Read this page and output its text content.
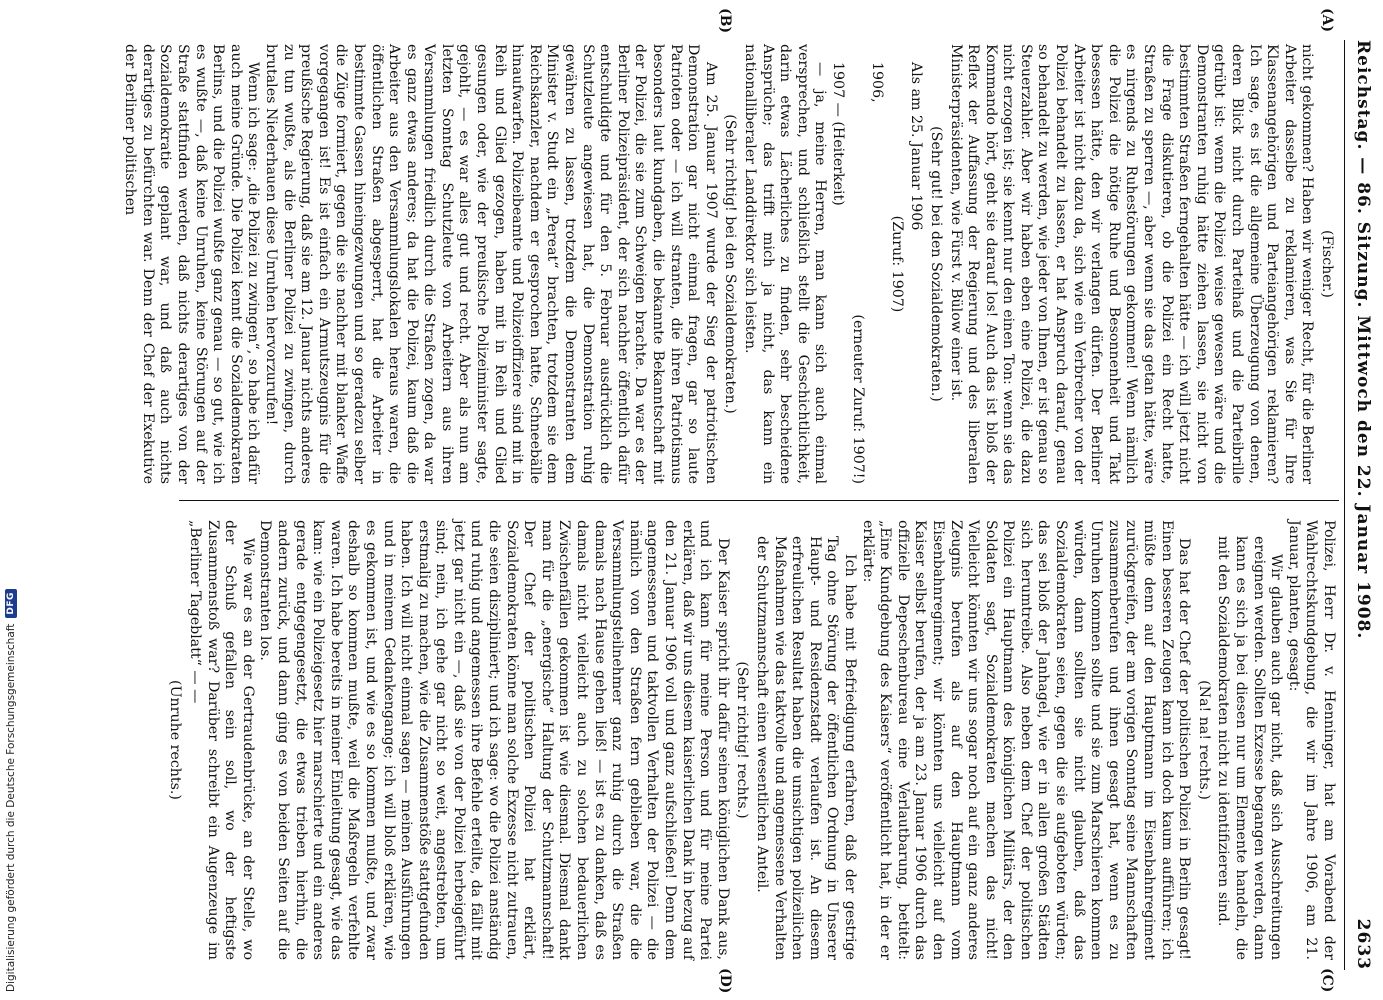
Reichstag. — 86. Sitzung. Mittwoch den 22. Januar 1908.
2633
(A)
(B)
(C)
(D)

(Fischer.)

nicht gekommen? Haben wir weniger Recht, für die Berliner Arbeiter dasselbe zu reklamieren, was Sie für Ihre Klassenangehörigen und Parteiangehörigen reklamieren? Ich sage, es ist die allgemeine Überzeugung von denen, deren Blick nicht durch Parteihaß und die Parteibrille getrübt ist: wenn die Polizei weise gewesen wäre und die Demonstranten ruhig hätte ziehen lassen, sie nicht von bestimmten Straßen ferngehalten hätte — ich will jetzt nicht die Frage diskutieren, ob die Polizei ein Recht hatte, Straßen zu sperren —, aber wenn sie das getan hätte, wäre es nirgends zu Ruhestörungen gekommen! Wenn nämlich die Polizei die nötige Ruhe und Besonnenheit und Takt besessen hätte, den wir verlangen dürfen. Der Berliner Arbeiter ist nicht dazu da, sich wie ein Verbrecher von der Polizei behandelt zu lassen, er hat Anspruch darauf, genau so behandelt zu werden, wie jeder von Ihnen, er ist genau so Steuerzahler. Aber wir haben eben eine Polizei, die dazu nicht erzogen ist; sie kennt nur den einen Ton: wenn sie das Kommando hört, geht sie darauf los! Auch das ist bloß der Reflex der Auffassung der Regierung und des liberalen Ministerpräsidenten, wie Fürst v. Bülow einer ist.

(Sehr gut! bei den Sozialdemokraten.)

Als am 25. Januar 1906

(Zuruf: 1907)

1906,

(erneuter Zuruf: 1907!)

1907 — (Heiterkeit)

— ja, meine Herren, man kann sich auch einmal versprechen, und schließlich stellt die Geschichtlichkeit, darin etwas Lächerliches zu finden, sehr bescheidene Ansprüche; das trifft mich ja nicht, das kann ein nationalliberaler Landdirektor sich leisten.

(Sehr richtig! bei den Sozialdemokraten.)

Am 25. Januar 1907 wurde der Sieg der patriotischen Demonstration gar nicht einmal fragen, gar so laute Patrioten oder — ich will stranten, die ihren Patriotismus besonders laut kundgaben, die bekannte Bekanntschaft mit der Polizei, die sie zum Schweigen brachte. Da war es der Berliner Polizeipräsident, der sich nachher öffentlich dafür entschuldigte und für den 5. Februar ausdrücklich die Schutzleute angewiesen hat, die Demonstration ruhig gewähren zu lassen, trotzdem die Demonstranten dem Minister v. Studt ein „Pereat“ brachten, trotzdem sie dem Reichskanzler, nachdem er gesprochen hatte, Schneebälle hinaufwarfen. Polizeibeamte und Polizeioffiziere sind mit in Reih und Glied gezogen, haben mit in Reih und Glied gesungen oder, wie der preußische Polizeiminister sagte, gejohlt, — es war alles gut und recht. Aber als nun am letzten Sonntag Schutzleute von Arbeitern aus ihren Versammlungen friedlich durch die Straßen zogen, da war es ganz etwas anderes; da hat die Polizei, kaum daß die Arbeiter aus den Versammlungslokalen heraus waren, die öffentlichen Straßen abgesperrt, hat die Arbeiter in bestimmte Gassen hineingezwungen und so geradezu selber die Züge formiert, gegen die sie nachher mit blanker Waffe vorgegangen ist! Es ist einfach ein Armutszeugnis für die preußische Regierung, daß sie am 12. Januar nichts anderes zu tun wußte, als die Berliner Polizei zu zwingen, durch brutales Niederhauen diese Unruhen hervorzurufen!

Wenn ich sage: „die Polizei zu zwingen“, so habe ich dafür auch meine Gründe. Die Polizei kennt die Sozialdemokraten Berlins, und die Polizei wußte ganz genau — so gut, wie ich es wußte —, daß keine Unruhen, keine Störungen auf der Straße stattfinden werden, daß nichts derartiges von der Sozialdemokratie geplant war, und daß auch nichts derartiges zu befürchten war. Denn der Chef der Exekutive der Berliner politischen

Polizei, Herr Dr. v. Henninger, hat am Vorabend der Wahlrechtskundgebung, die wir im Jahre 1906, am 21. Januar, planten, gesagt:

Wir glauben auch gar nicht, daß sich Ausschreitungen ereignen werden. Sollten Exzesse begangen werden, dann kann es sich ja bei diesen nur um Elemente handeln, die mit den Sozialdemokraten nicht zu identifizieren sind.

(Na! na! rechts.)

Das hat der Chef der politischen Polizei in Berlin gesagt! Einen besseren Zeugen kann ich doch kaum aufführen; ich müßte denn auf den Hauptmann im Eisenbahnregiment zurückgreifen, der am vorigen Sonntag seine Mannschaften zusammenberufen und ihnen gesagt hat, wenn es zu Unruhen kommen sollte und sie zum Marschieren kommen würden, dann sollten sie nicht glauben, daß das Sozialdemokraten seien, gegen die sie aufgeboten würden; das sei bloß der Janhagel, wie er in allen großen Städten sich herumtreibe. Also neben dem Chef der politischen Polizei ein Hauptmann des königlichen Militärs, der den Soldaten sagt, Sozialdemokraten machen das nicht! Vielleicht könnten wir uns sogar noch auf ein ganz anderes Zeugnis berufen als auf den Hauptmann vom Eisenbahnregiment; wir könnten uns vielleicht auf den Kaiser selbst berufen, der ja am 23. Januar 1906 durch das offizielle Depeschenbureau eine Verlautbarung, betitelt: „Eine Kundgebung des Kaisers“ veröffentlicht hat, in der er erklärte:

Ich habe mit Befriedigung erfahren, daß der gestrige Tag ohne Störung der öffentlichen Ordnung in Unserer Haupt- und Residenzstadt verlaufen ist. An diesem erfreulichen Resultat haben die umsichtigen polizeilichen Maßnahmen wie das taktvolle und angemessene Verhalten der Schutzmannschaft einen wesentlichen Anteil.

(Sehr richtig! rechts.)

Der Kaiser spricht ihr dafür seinen königlichen Dank aus, und ich kann für meine Person und für meine Partei erklären, daß wir uns diesem kaiserlichen Dank in bezug auf den 21. Januar 1906 voll und ganz aufschließen! Denn dem angemessenen und taktvollen Verhalten der Polizei — die nämlich von den Straßen fern geblieben war, die die Versammlungsteilnehmer ganz ruhig durch die Straßen damals nach Hause gehen ließ! — ist es zu danken, daß es damals nicht vielleicht auch zu solchen bedauerlichen Zwischenfällen gekommen ist wie diesmal. Diesmal dankt man für die „energische“ Haltung der Schutzmannschaft! Der Chef der politischen Polizei hat erklärt, Sozialdemokraten könne man solche Exzesse nicht zutrauen, die seien diszipliniert; und ich sage: wo die Polizei anständig und ruhig und angemessen ihre Befehle erteilte, da fällt mit jetzt gar nicht ein —, daß sie von der Polizei herbeigeführt sind; nein, ich gehe gar nicht so weit, angestrebten, um erstmalig zu machen, wie die Zusammenstöße stattgefunden haben. Ich will nicht einmal sagen — meinen Ausführungen und in meinem Gedankengange; ich will bloß erklären, wie es gekommen ist, und wie es so kommen mußte, und zwar deshalb so kommen mußte, weil die Maßregeln verfehlte waren. Ich habe bereits in meiner Einleitung gesagt, wie das kam: wie ein Polizeigesetz hier marschierte und ein anderes gerade entgegengesetzt, die etwas trieben hierhin, die andern zurück, und dann ging es von beiden Seiten auf die Demonstranten los.

Wie war es an der Gertraudenbrücke, an der Stelle, wo der Schuß gefallen sein soll, wo der heftigste Zusammenstoß war? Darüber schreibt ein Augenzeuge im „Berliner Tageblatt“ — —

(Unruhe rechts.)

Digitalisierung gefördert durch die Deutsche Forschungsgemeinschaft
DFG
